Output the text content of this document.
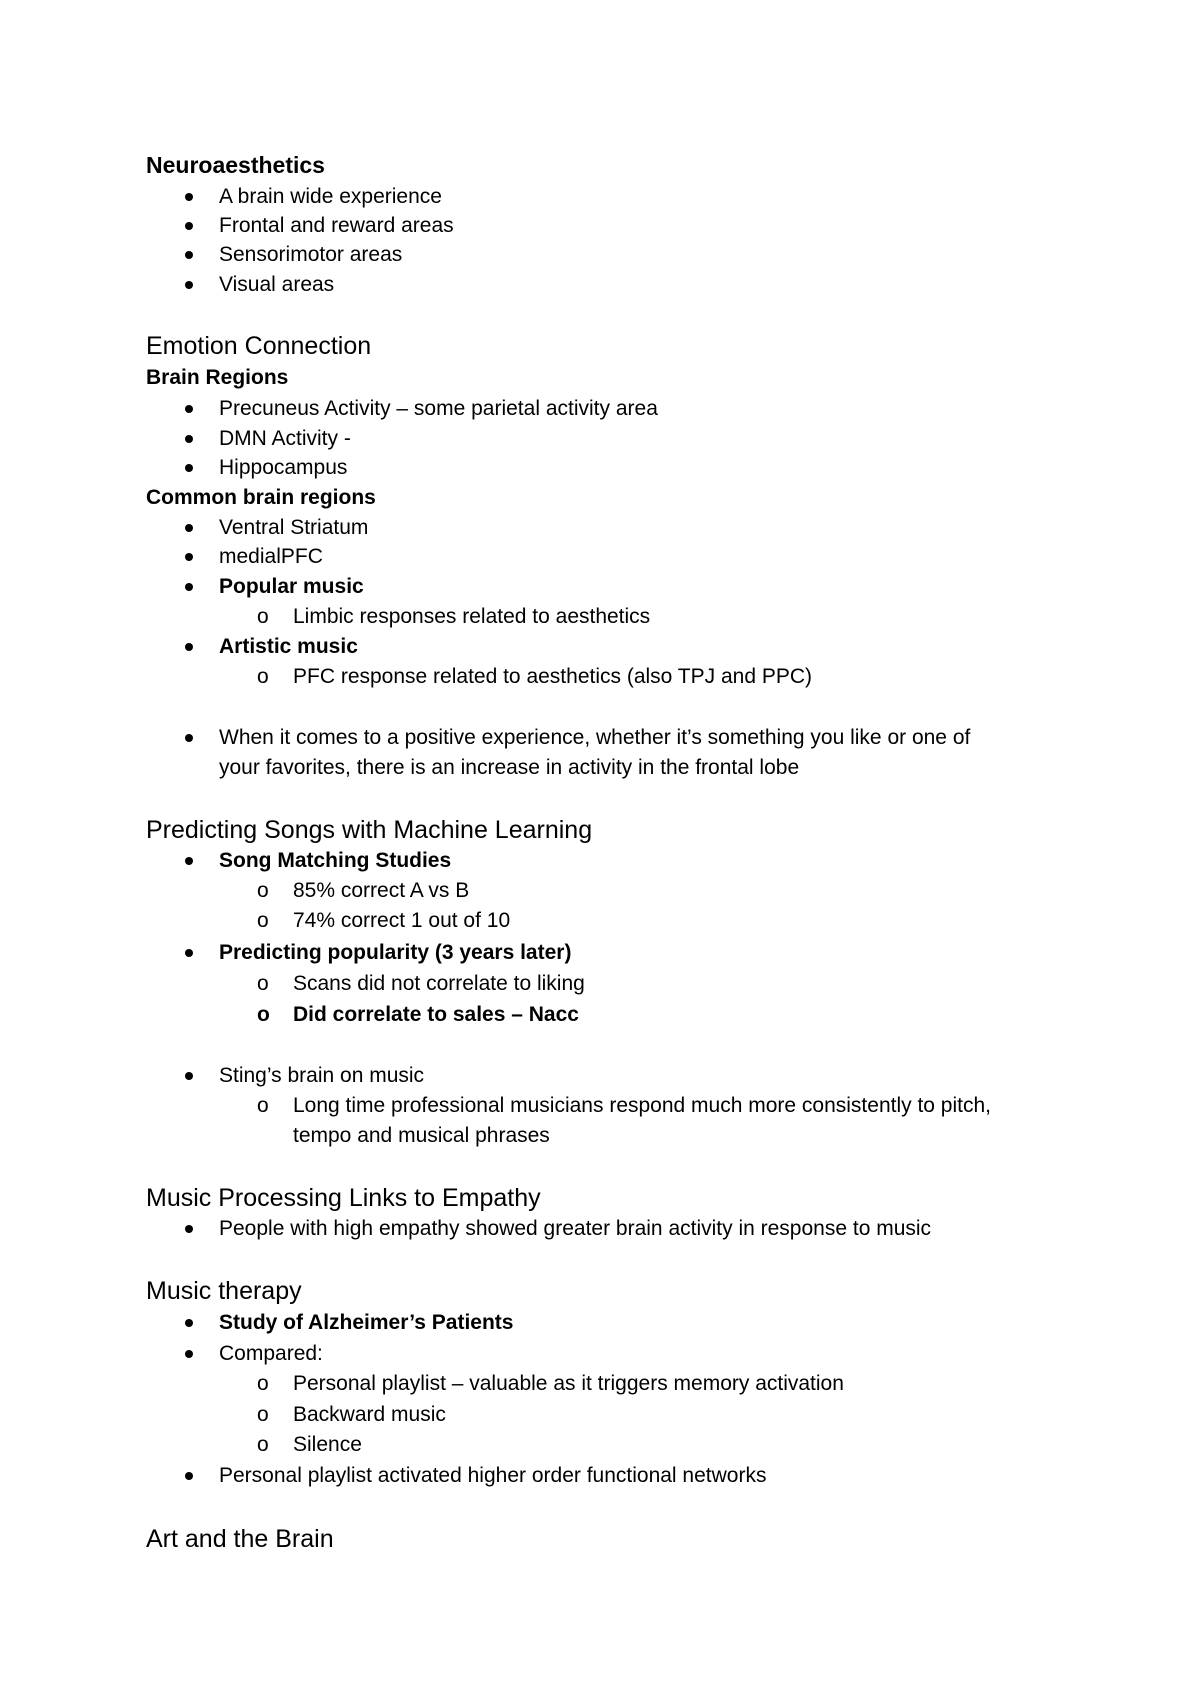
Neuroaesthetics
A brain wide experience
Frontal and reward areas
Sensorimotor areas
Visual areas
Emotion Connection
Brain Regions
Precuneus Activity – some parietal activity area
DMN Activity -
Hippocampus
Common brain regions
Ventral Striatum
medialPFC
Popular music
o Limbic responses related to aesthetics
Artistic music
o PFC response related to aesthetics (also TPJ and PPC)
When it comes to a positive experience, whether it’s something you like or one of
your favorites, there is an increase in activity in the frontal lobe
Predicting Songs with Machine Learning
Song Matching Studies
o 85% correct A vs B
o 74% correct 1 out of 10
Predicting popularity (3 years later)
o Scans did not correlate to liking
o Did correlate to sales – Nacc
Sting’s brain on music
o Long time professional musicians respond much more consistently to pitch,
tempo and musical phrases
Music Processing Links to Empathy
People with high empathy showed greater brain activity in response to music
Music therapy
Study of Alzheimer’s Patients
Compared:
o Personal playlist – valuable as it triggers memory activation
o Backward music
o Silence
Personal playlist activated higher order functional networks
Art and the Brain
